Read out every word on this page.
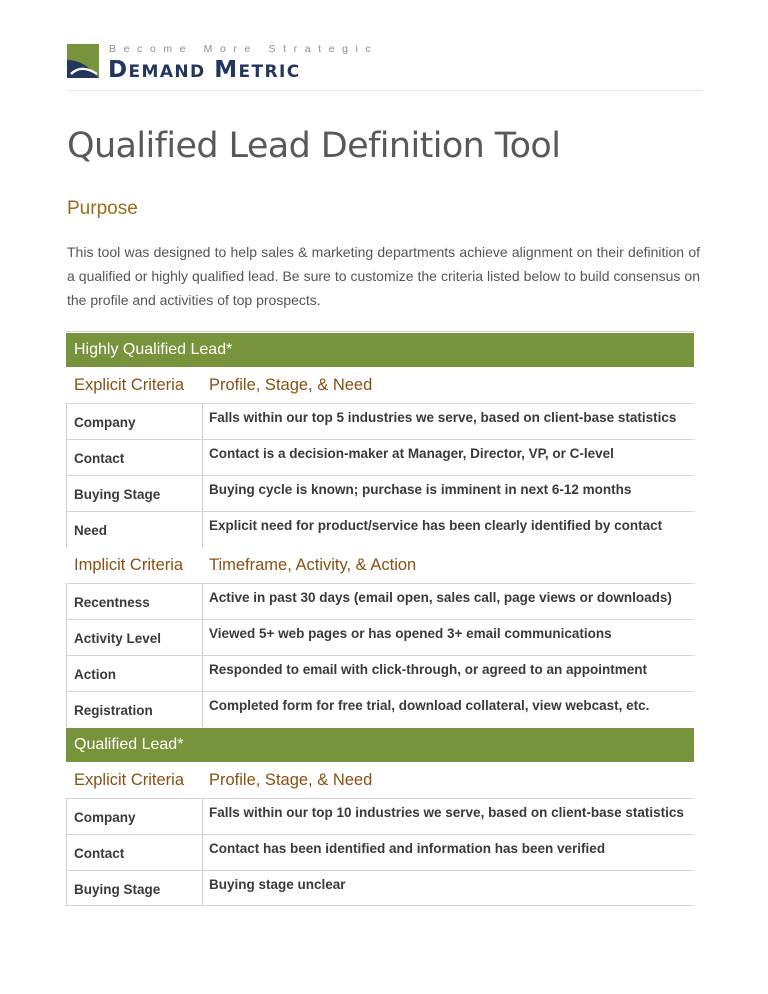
Become More Strategic
DEMAND METRIC
Qualified Lead Definition Tool
Purpose

This tool was designed to help sales & marketing departments achieve alignment on their definition of a qualified or highly qualified lead. Be sure to customize the criteria listed below to build consensus on the profile and activities of top prospects.

Highly Qualified Lead*
Explicit Criteria Profile, Stage, & Need
Company	Falls within our top 5 industries we serve, based on client-base statistics
Contact	Contact is a decision-maker at Manager, Director, VP, or C-level
Buying Stage	Buying cycle is known; purchase is imminent in next 6-12 months
Need	Explicit need for product/service has been clearly identified by contact
Implicit Criteria Timeframe, Activity, & Action
Recentness	Active in past 30 days (email open, sales call, page views or downloads)
Activity Level	Viewed 5+ web pages or has opened 3+ email communications
Action	Responded to email with click-through, or agreed to an appointment
Registration	Completed form for free trial, download collateral, view webcast, etc.
Qualified Lead*
Explicit Criteria Profile, Stage, & Need
Company	Falls within our top 10 industries we serve, based on client-base statistics
Contact	Contact has been identified and information has been verified
Buying Stage	Buying stage unclear
